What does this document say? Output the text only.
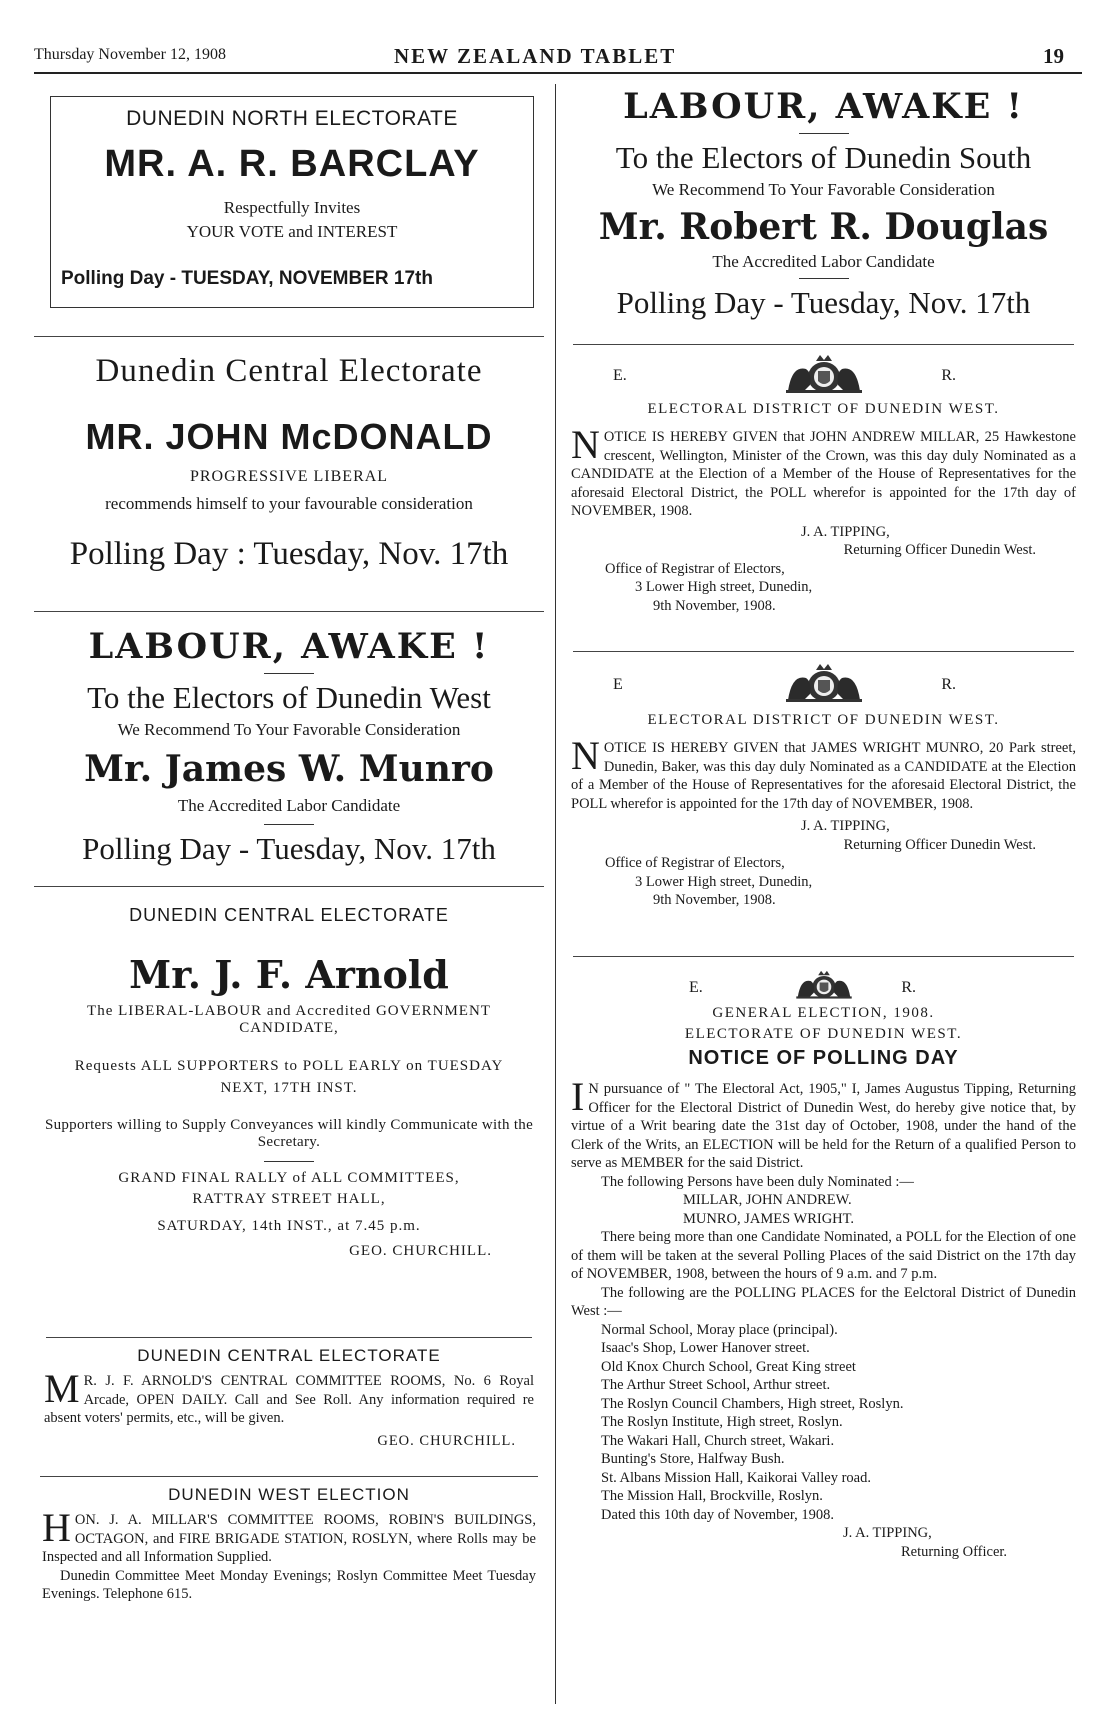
Thursday November 12, 1908	NEW ZEALAND TABLET	19
DUNEDIN NORTH ELECTORATE
MR. A. R. BARCLAY
Respectfully Invites
YOUR VOTE and INTEREST
Polling Day - TUESDAY, NOVEMBER 17th
Dunedin Central Electorate
MR. JOHN McDONALD
PROGRESSIVE LIBERAL
recommends himself to your favourable consideration
Polling Day : Tuesday, Nov. 17th
LABOUR, AWAKE !
To the Electors of Dunedin West
We Recommend To Your Favorable Consideration
Mr. James W. Munro
The Accredited Labor Candidate
Polling Day - Tuesday, Nov. 17th
DUNEDIN CENTRAL ELECTORATE
Mr. J. F. Arnold
The LIBERAL-LABOUR and Accredited GOVERNMENT CANDIDATE,
Requests ALL SUPPORTERS to POLL EARLY on TUESDAY NEXT, 17TH INST.
Supporters willing to Supply Conveyances will kindly Communicate with the Secretary.
GRAND FINAL RALLY of ALL COMMITTEES,
RATTRAY STREET HALL,
SATURDAY, 14th INST., at 7.45 p.m.
GEO. CHURCHILL.
DUNEDIN CENTRAL ELECTORATE
M R. J. F. ARNOLD'S CENTRAL COMMITTEE ROOMS, No. 6 Royal Arcade, OPEN DAILY. Call and See Roll. Any information required re absent voters' permits, etc., will be given.
GEO. CHURCHILL.
DUNEDIN WEST ELECTION
HON. J. A. MILLAR'S COMMITTEE ROOMS, ROBIN'S BUILDINGS, OCTAGON, and FIRE BRIGADE STATION, ROSLYN, where Rolls may be Inspected and all Information Supplied.
Dunedin Committee Meet Monday Evenings; Roslyn Committee Meet Tuesday Evenings. Telephone 615.
LABOUR, AWAKE !
To the Electors of Dunedin South
We Recommend To Your Favorable Consideration
Mr. Robert R. Douglas
The Accredited Labor Candidate
Polling Day - Tuesday, Nov. 17th
E.	R.
ELECTORAL DISTRICT OF DUNEDIN WEST.
NOTICE IS HEREBY GIVEN that JOHN ANDREW MILLAR, 25 Hawkestone crescent, Wellington, Minister of the Crown, was this day duly Nominated as a CANDIDATE at the Election of a Member of the House of Representatives for the aforesaid Electoral District, the POLL wherefor is appointed for the 17th day of NOVEMBER, 1908.
J. A. TIPPING,
Returning Officer Dunedin West.
Office of Registrar of Electors,
3 Lower High street, Dunedin,
9th November, 1908.
E	R.
ELECTORAL DISTRICT OF DUNEDIN WEST.
NOTICE IS HEREBY GIVEN that JAMES WRIGHT MUNRO, 20 Park street, Dunedin, Baker, was this day duly Nominated as a CANDIDATE at the Election of a Member of the House of Representatives for the aforesaid Electoral District, the POLL wherefor is appointed for the 17th day of NOVEMBER, 1908.
J. A. TIPPING,
Returning Officer Dunedin West.
Office of Registrar of Electors,
3 Lower High street, Dunedin,
9th November, 1908.
E.	R.
GENERAL ELECTION, 1908.
ELECTORATE OF DUNEDIN WEST.
NOTICE OF POLLING DAY
I N pursuance of " The Electoral Act, 1905," I, James Augustus Tipping, Returning Officer for the Electoral District of Dunedin West, do hereby give notice that, by virtue of a Writ bearing date the 31st day of October, 1908, under the hand of the Clerk of the Writs, an ELECTION will be held for the Return of a qualified Person to serve as MEMBER for the said District.
The following Persons have been duly Nominated :—
MILLAR, JOHN ANDREW.
MUNRO, JAMES WRIGHT.
There being more than one Candidate Nominated, a POLL for the Election of one of them will be taken at the several Polling Places of the said District on the 17th day of NOVEMBER, 1908, between the hours of 9 a.m. and 7 p.m.
The following are the POLLING PLACES for the Eelctoral District of Dunedin West :—
Normal School, Moray place (principal).
Isaac's Shop, Lower Hanover street.
Old Knox Church School, Great King street
The Arthur Street School, Arthur street.
The Roslyn Council Chambers, High street, Roslyn.
The Roslyn Institute, High street, Roslyn.
The Wakari Hall, Church street, Wakari.
Bunting's Store, Halfway Bush.
St. Albans Mission Hall, Kaikorai Valley road.
The Mission Hall, Brockville, Roslyn.
Dated this 10th day of November, 1908.
J. A. TIPPING,
Returning Officer.
